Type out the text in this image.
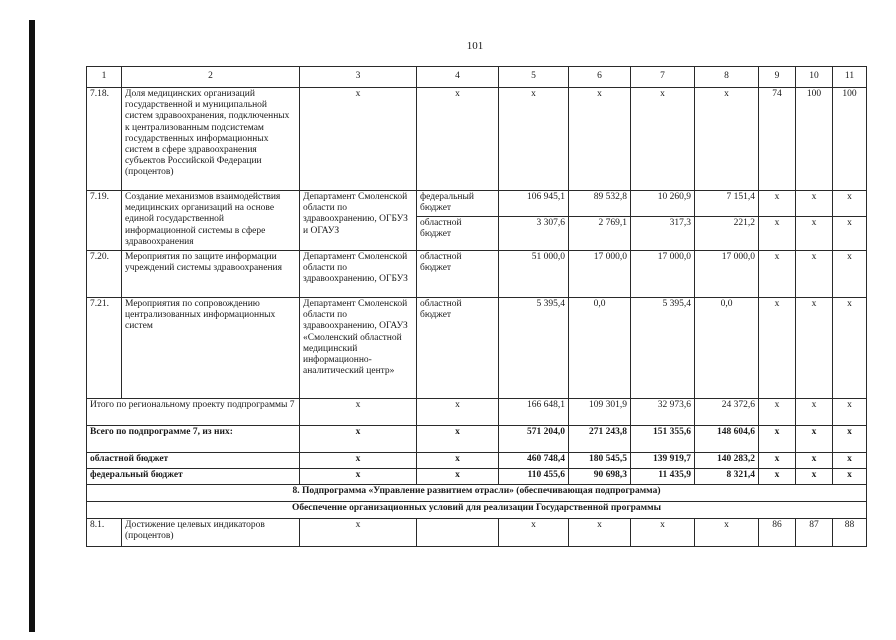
101
1	2	3	4	5	6	7	8	9	10	11
7.18.	Доля медицинских организаций государственной и муниципальной систем здравоохранения, подключенных к централизованным подсистемам государственных информационных систем в сфере здравоохранения субъектов Российской Федерации (процентов)	х	х	х	х	х	х	74	100	100
7.19.	Создание механизмов взаимодействия медицинских организаций на основе единой государственной информационной системы в сфере здравоохранения	Департамент Смоленской области по здравоохранению, ОГБУЗ и ОГАУЗ	федеральный бюджет	106 945,1	89 532,8	10 260,9	7 151,4	х	х	х
			областной бюджет	3 307,6	2 769,1	317,3	221,2	х	х	х
7.20.	Мероприятия по защите информации учреждений системы здравоохранения	Департамент Смоленской области по здравоохранению, ОГБУЗ	областной бюджет	51 000,0	17 000,0	17 000,0	17 000,0	х	х	х
7.21.	Мероприятия по сопровождению централизованных информационных систем	Департамент Смоленской области по здравоохранению, ОГАУЗ «Смоленский областной медицинский информационно-аналитический центр»	областной бюджет	5 395,4	0,0	5 395,4	0,0	х	х	х
Итого по региональному проекту подпрограммы 7		х	х	166 648,1	109 301,9	32 973,6	24 372,6	х	х	х
Всего по подпрограмме 7, из них:		х	х	571 204,0	271 243,8	151 355,6	148 604,6	х	х	х
областной бюджет		х	х	460 748,4	180 545,5	139 919,7	140 283,2	х	х	х
федеральный бюджет		х	х	110 455,6	90 698,3	11 435,9	8 321,4	х	х	х
8. Подпрограмма «Управление развитием отрасли» (обеспечивающая подпрограмма)										
Обеспечение организационных условий для реализации Государственной программы										
8.1.	Достижение целевых индикаторов (процентов)	х		х	х	х	х	86	87	88
